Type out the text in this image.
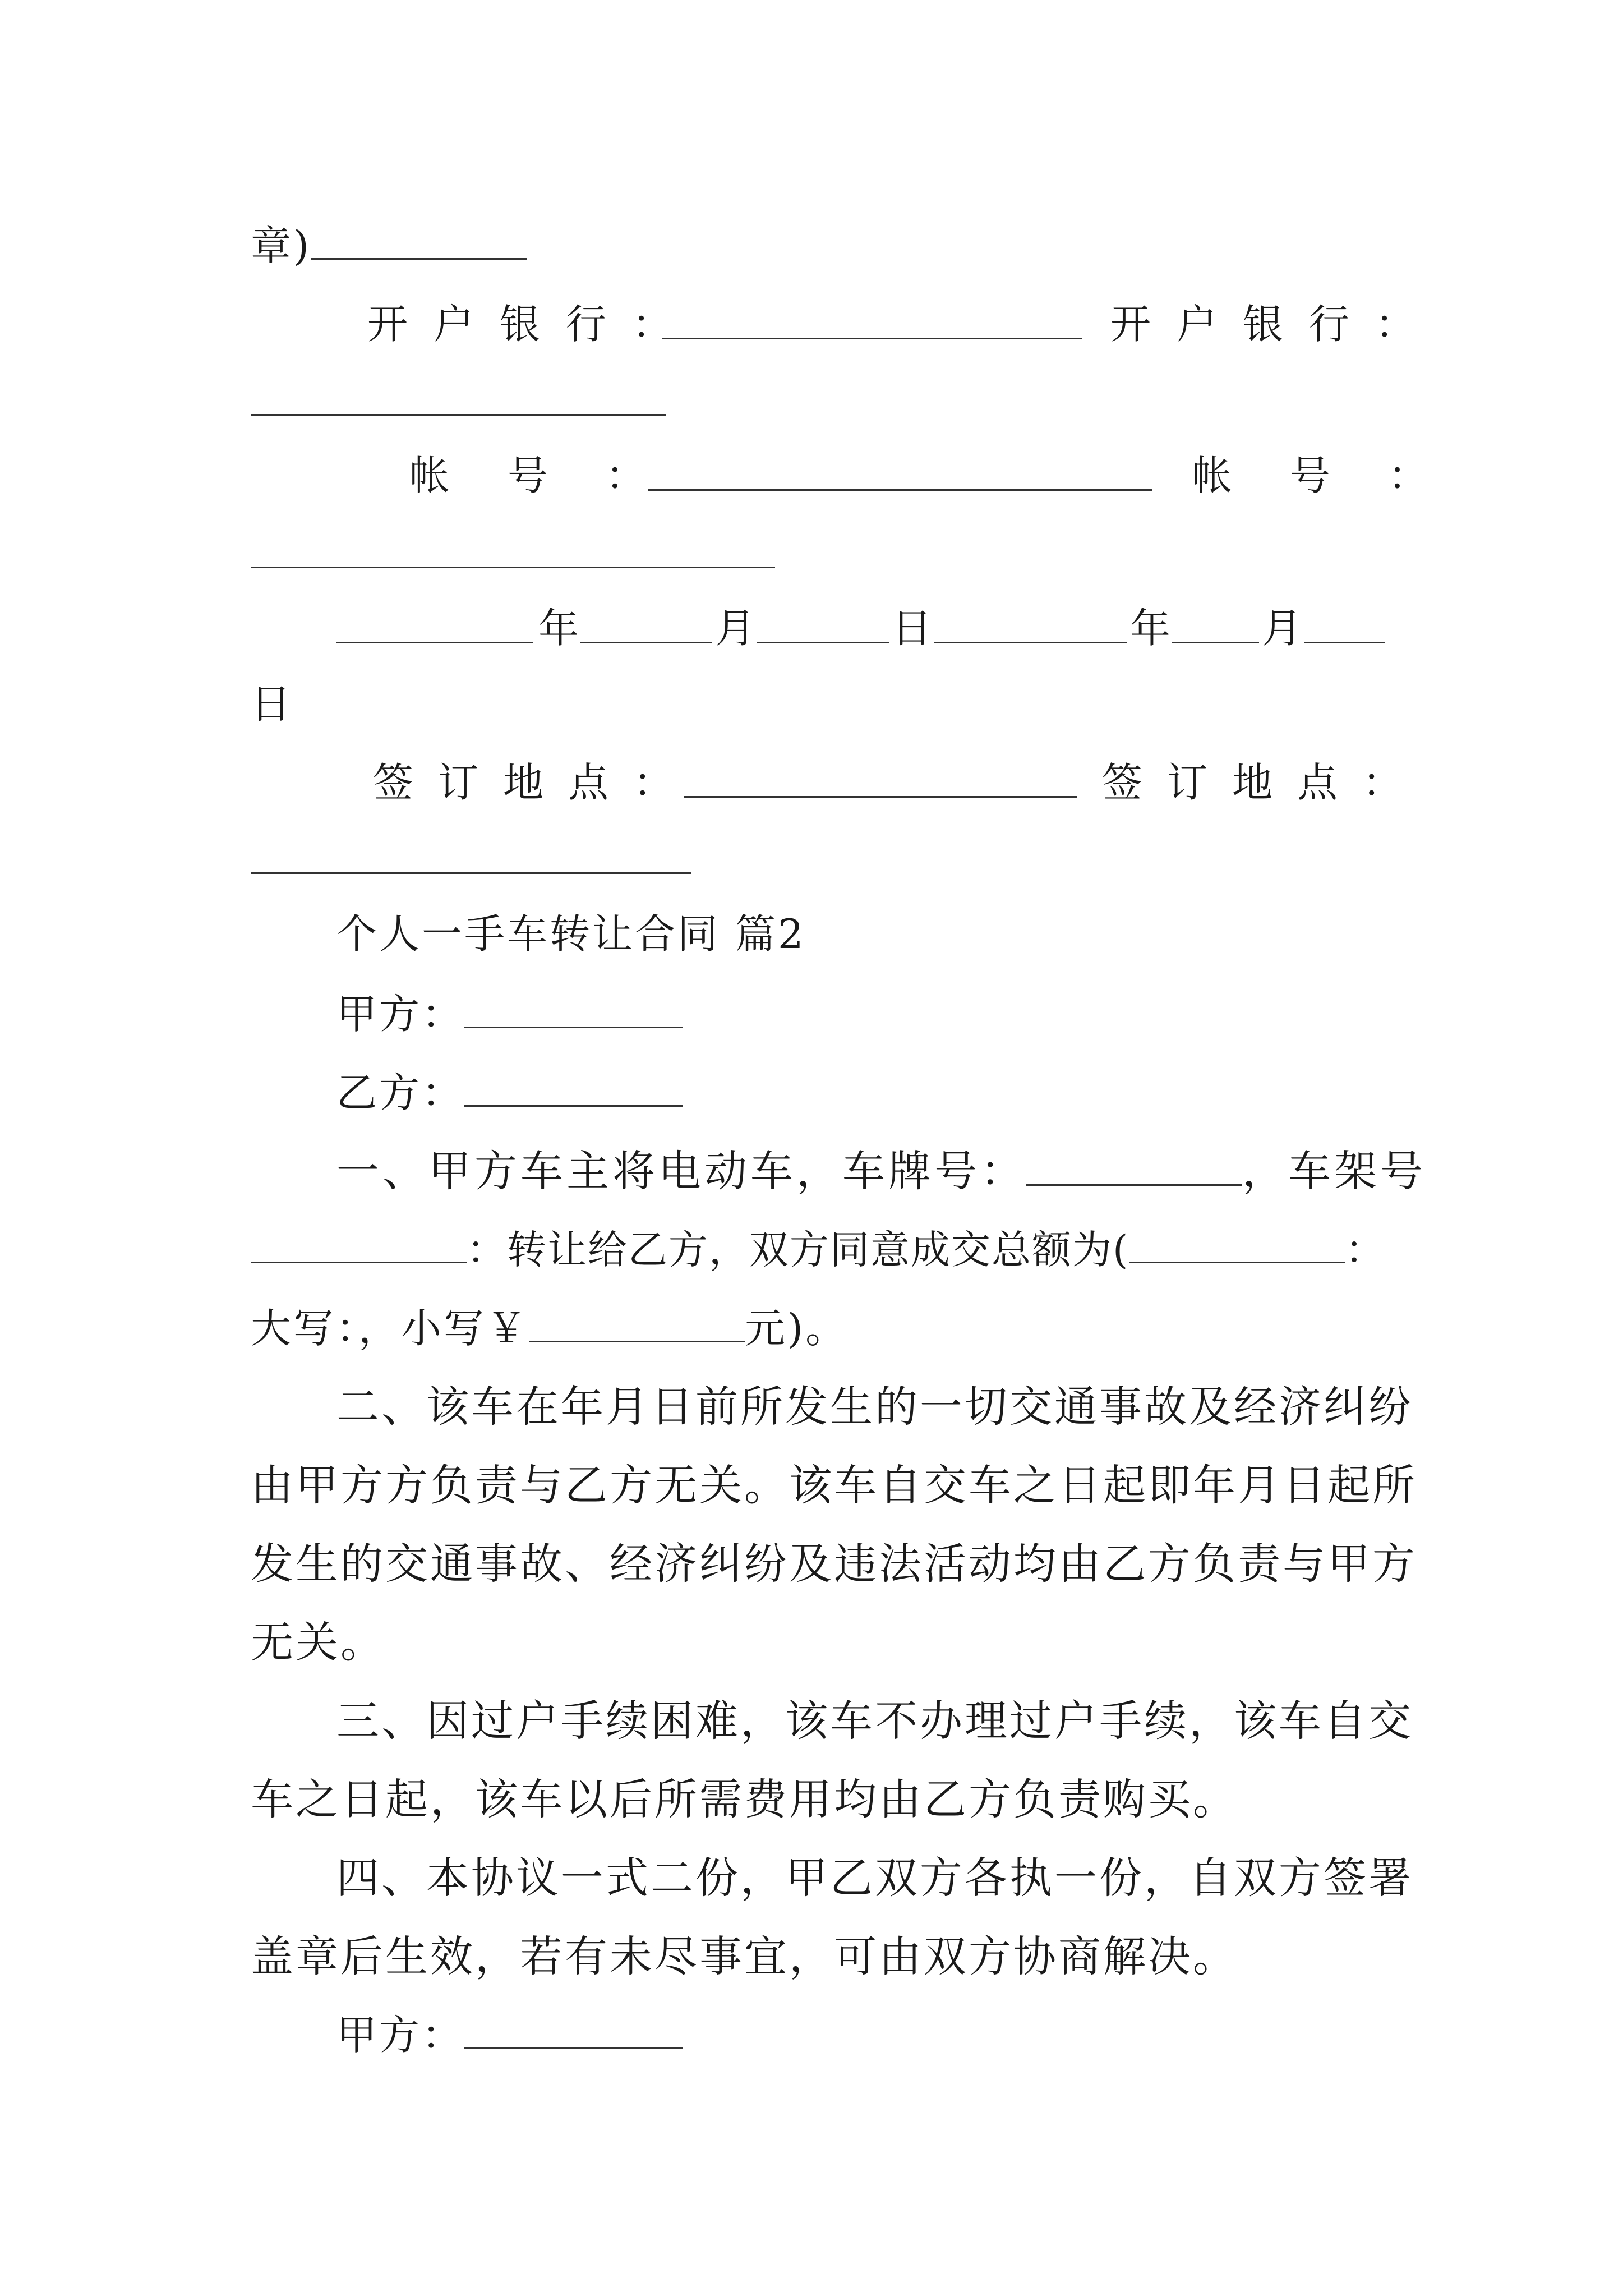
章)
开户银行：	开户银行：
帐 号 ：	帐 号 ：
年	月	日	年 月
日
签订地点：	签订地点：
个人一手车转让合同 篇2
甲方：
乙方：
一、甲方车主将电动车，车牌号：	，车架号
：转让给乙方，双方同意成交总额为(	：
大写：，小写￥	元)。
二、该车在年月日前所发生的一切交通事故及经济纠纷
由甲方方负责与乙方无关。该车自交车之日起即年月日起所
发生的交通事故、经济纠纷及违法活动均由乙方负责与甲方
无关。
三、因过户手续困难，该车不办理过户手续，该车自交
车之日起，该车以后所需费用均由乙方负责购买。
四、本协议一式二份，甲乙双方各执一份，自双方签署
盖章后生效，若有未尽事宜，可由双方协商解决。
甲方：
